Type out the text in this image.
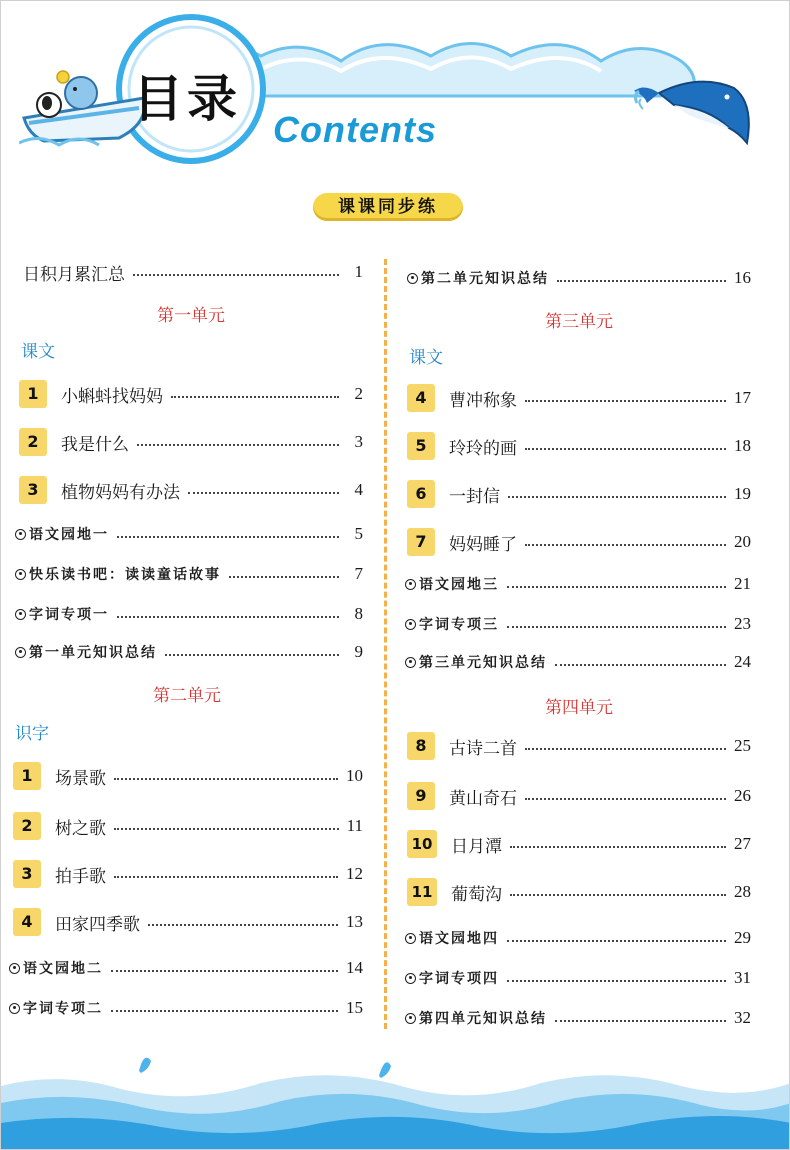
目录
Contents
课课同步练
日积月累汇总	1
第一单元
课文
1	小蝌蚪找妈妈	2
2	我是什么	3
3	植物妈妈有办法	4
语文园地一	5
快乐读书吧：读读童话故事	7
字词专项一	8
第一单元知识总结	9
第二单元
识字
1	场景歌	10
2	树之歌	11
3	拍手歌	12
4	田家四季歌	13
语文园地二	14
字词专项二	15
第二单元知识总结	16
第三单元
课文
4	曹冲称象	17
5	玲玲的画	18
6	一封信	19
7	妈妈睡了	20
语文园地三	21
字词专项三	23
第三单元知识总结	24
第四单元
8	古诗二首	25
9	黄山奇石	26
10 日月潭	27
11 葡萄沟	28
语文园地四	29
字词专项四	31
第四单元知识总结	32
